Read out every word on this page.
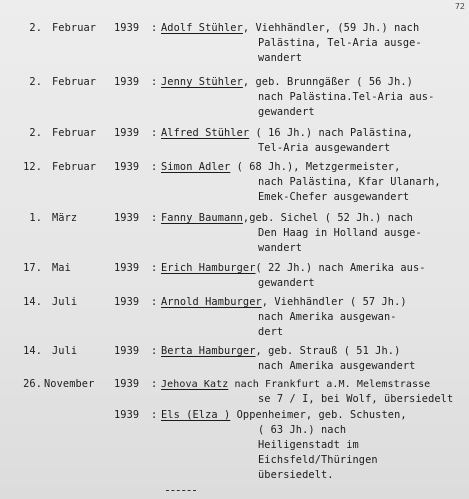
72
2. Februar 1939 : Adolf Stühler, Viehhändler, (59 Jh.) nach
Palästina, Tel-Aria ausge-
wandert
2. Februar 1939 : Jenny Stühler, geb. Brunngäßer ( 56 Jh.)
nach Palästina.Tel-Aria aus-
gewandert
2. Februar 1939 : Alfred Stühler ( 16 Jh.) nach Palästina,
Tel-Aria ausgewandert
12. Februar 1939 : Simon Adler ( 68 Jh.), Metzgermeister,
nach Palästina, Kfar Ulanarh,
Emek-Chefer ausgewandert
1. März	1939 : Fanny Baumann,geb. Sichel ( 52 Jh.) nach
Den Haag in Holland ausge-
wandert
17. Mai	1939 : Erich Hamburger( 22 Jh.) nach Amerika aus-
gewandert
14. Juli	1939 : Arnold Hamburger, Viehhändler ( 57 Jh.)
nach Amerika ausgewan-
dert
14. Juli	1939 : Berta Hamburger, geb. Strauß ( 51 Jh.)
nach Amerika ausgewandert
26. November 1939 : Jehova Katz nach Frankfurt a.M. Melemstrasse
se 7 / I, bei Wolf, übersiedelt
1939 : Els (Elza ) Oppenheimer, geb. Schusten,
( 63 Jh.) nach
Heiligenstadt im
Eichsfeld/Thüringen
übersiedelt.
